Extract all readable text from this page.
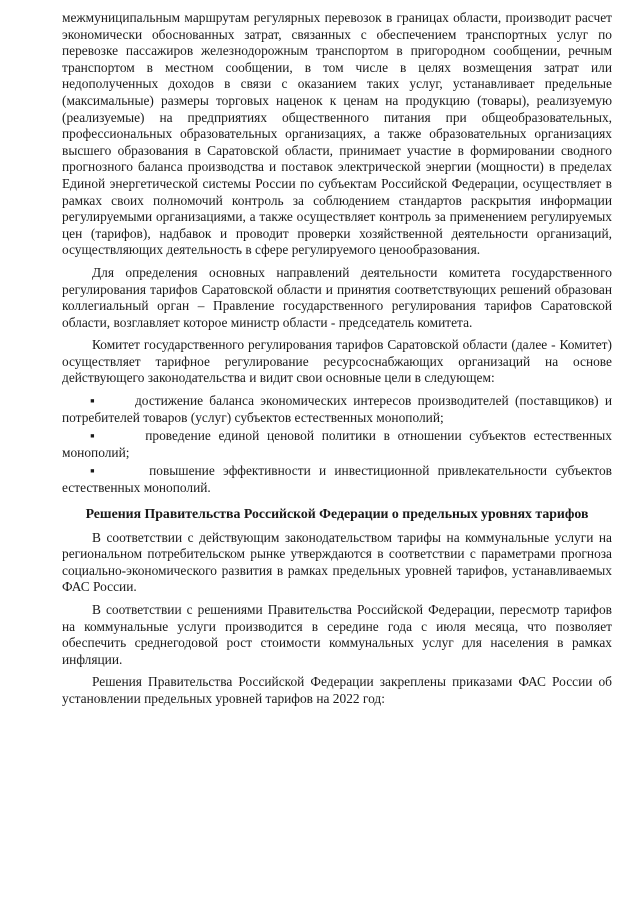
межмуниципальным маршрутам регулярных перевозок в границах области, производит расчет экономически обоснованных затрат, связанных с обеспечением транспортных услуг по перевозке пассажиров железнодорожным транспортом в пригородном сообщении, речным транспортом в местном сообщении, в том числе в целях возмещения затрат или недополученных доходов в связи с оказанием таких услуг, устанавливает предельные (максимальные) размеры торговых наценок к ценам на продукцию (товары), реализуемую (реализуемые) на предприятиях общественного питания при общеобразовательных, профессиональных образовательных организациях, а также образовательных организациях высшего образования в Саратовской области, принимает участие в формировании сводного прогнозного баланса производства и поставок электрической энергии (мощности) в пределах Единой энергетической системы России по субъектам Российской Федерации, осуществляет в рамках своих полномочий контроль за соблюдением стандартов раскрытия информации регулируемыми организациями, а также осуществляет контроль за применением регулируемых цен (тарифов), надбавок и проводит проверки хозяйственной деятельности организаций, осуществляющих деятельность в сфере регулируемого ценообразования.

Для определения основных направлений деятельности комитета государственного регулирования тарифов Саратовской области и принятия соответствующих решений образован коллегиальный орган – Правление государственного регулирования тарифов Саратовской области, возглавляет которое министр области - председатель комитета.

Комитет государственного регулирования тарифов Саратовской области (далее - Комитет) осуществляет тарифное регулирование ресурсоснабжающих организаций на основе действующего законодательства и видит свои основные цели в следующем:

▪	достижение баланса экономических интересов производителей (поставщиков) и потребителей товаров (услуг) субъектов естественных монополий;

▪	проведение единой ценовой политики в отношении субъектов естественных монополий;

▪	повышение эффективности и инвестиционной привлекательности субъектов естественных монополий.

Решения Правительства Российской Федерации о предельных уровнях тарифов

В соответствии с действующим законодательством тарифы на коммунальные услуги на региональном потребительском рынке утверждаются в соответствии с параметрами прогноза социально-экономического развития в рамках предельных уровней тарифов, устанавливаемых ФАС России.

В соответствии с решениями Правительства Российской Федерации, пересмотр тарифов на коммунальные услуги производится в середине года с июля месяца, что позволяет обеспечить среднегодовой рост стоимости коммунальных услуг для населения в рамках инфляции.

Решения Правительства Российской Федерации закреплены приказами ФАС России об установлении предельных уровней тарифов на 2022 год:
